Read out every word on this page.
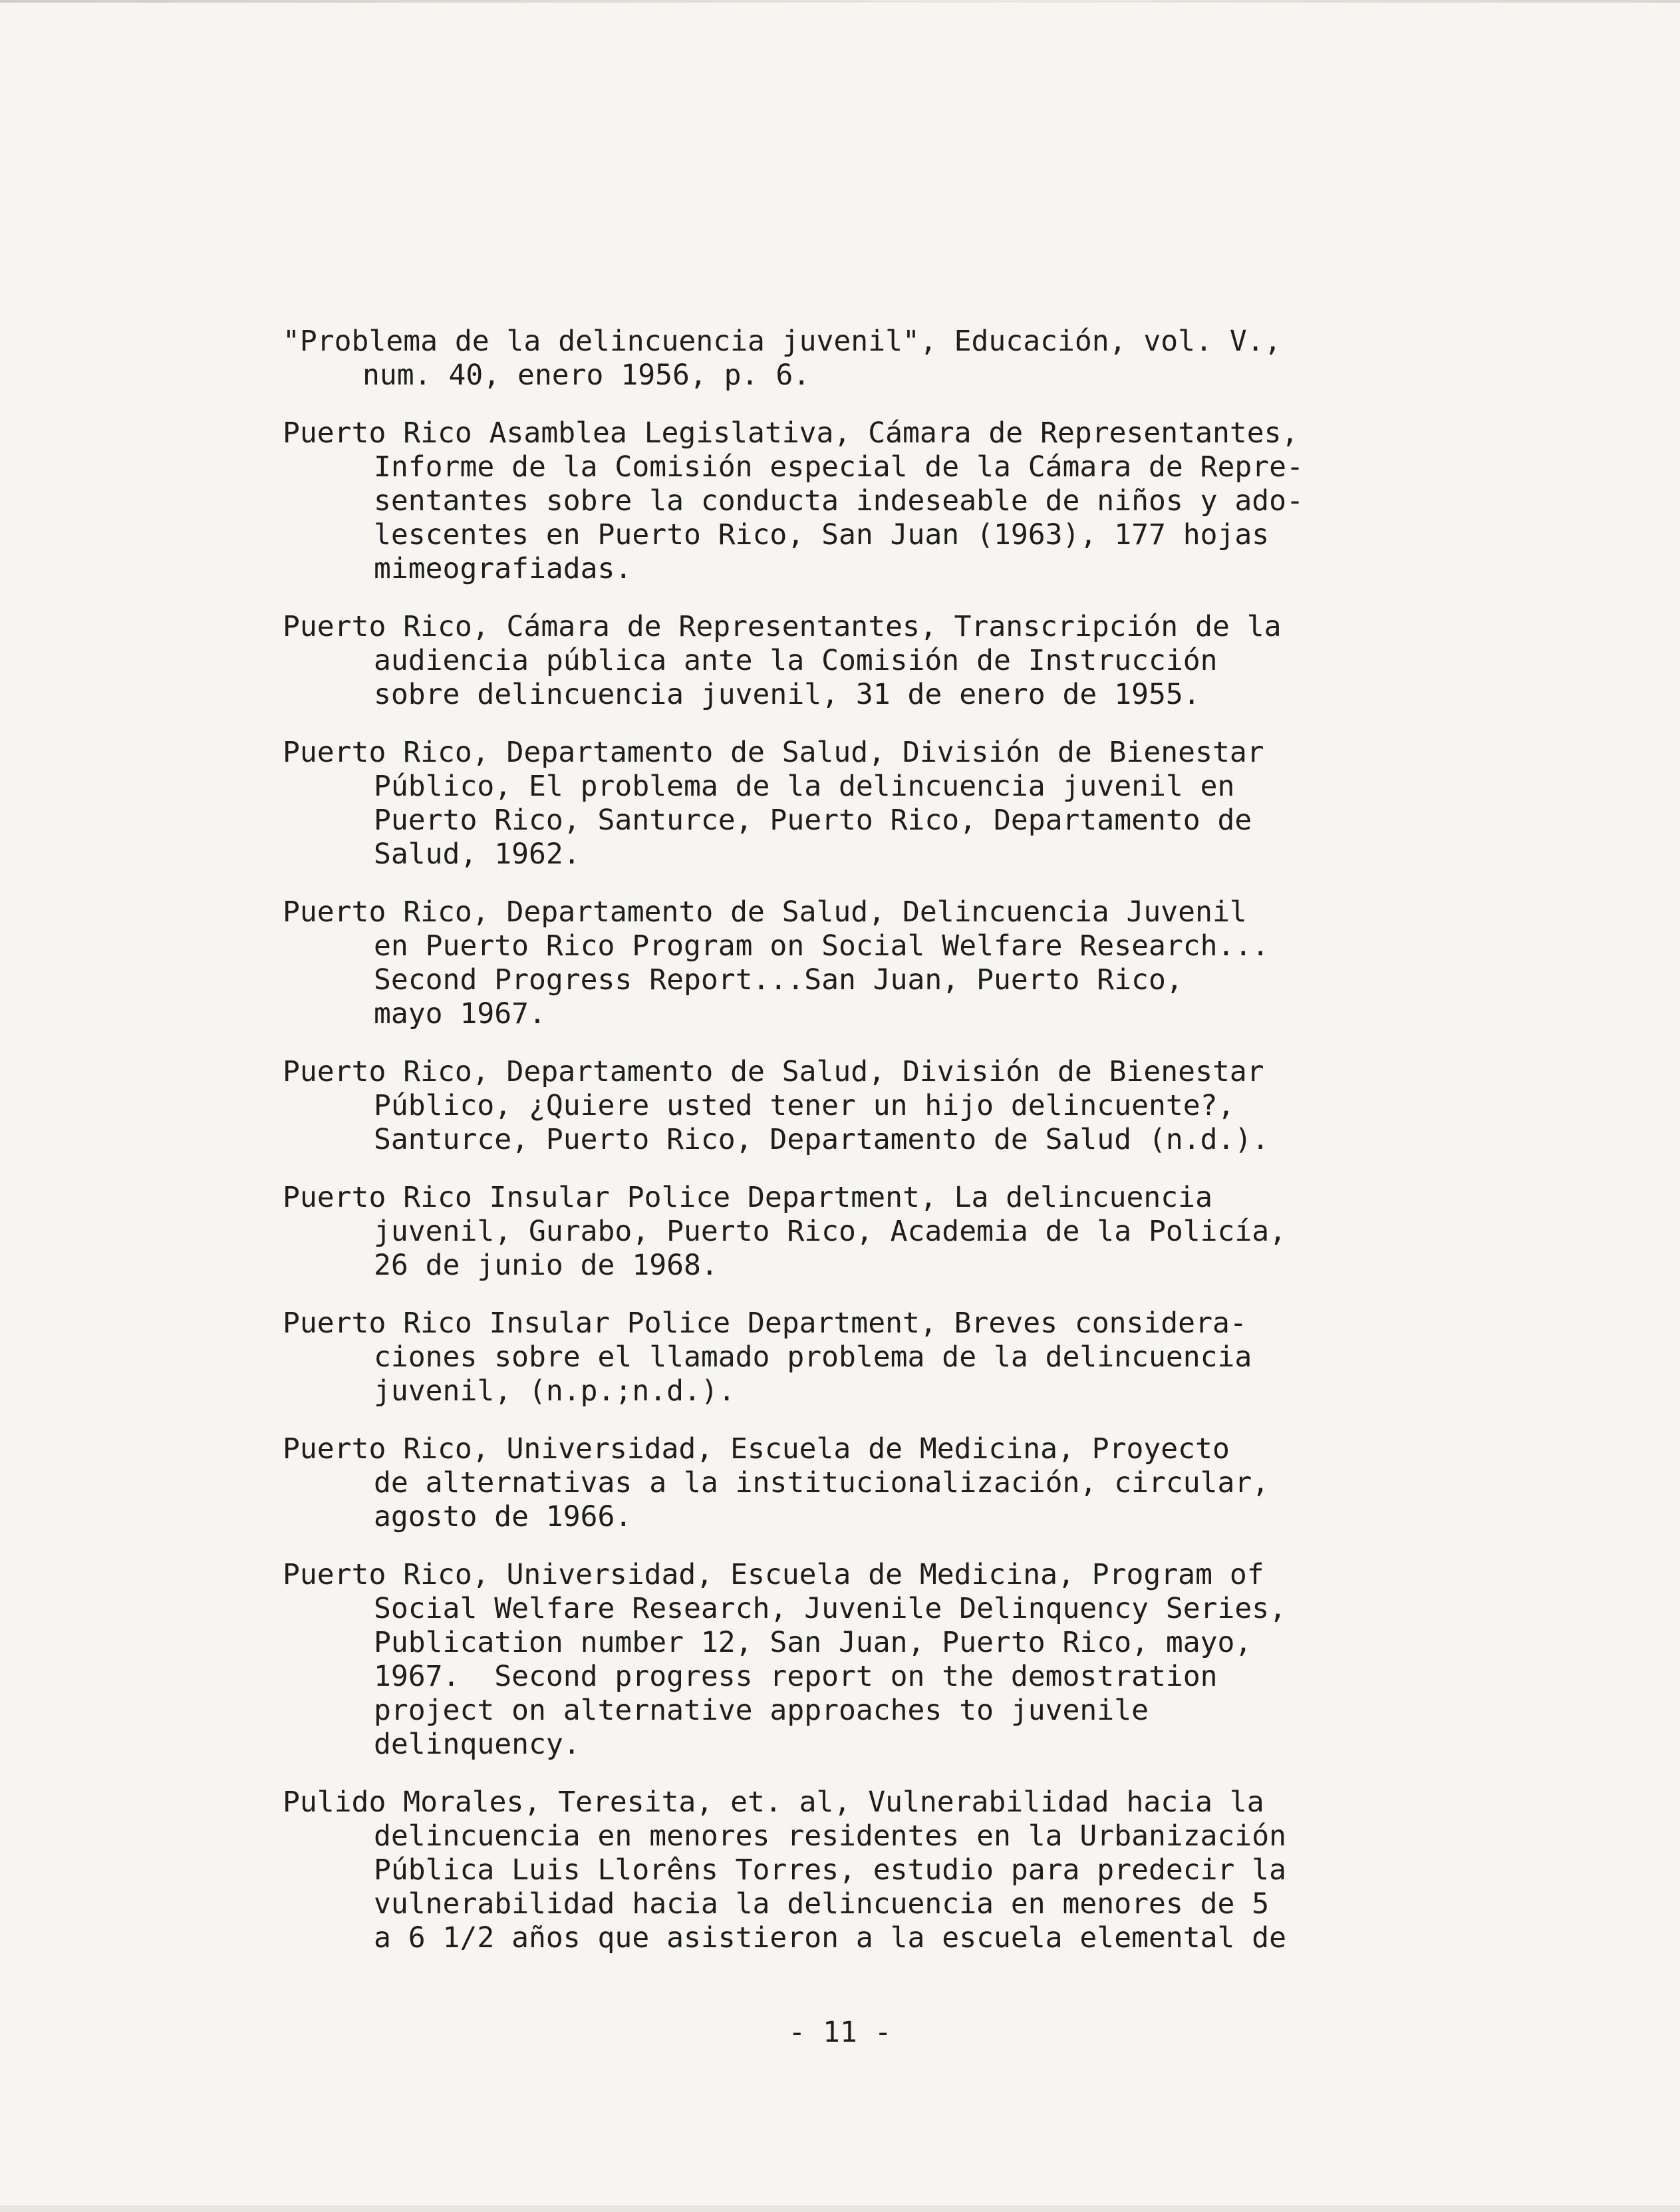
"Problema de la delincuencia juvenil", Educación, vol. V.,
num. 40, enero 1956, p. 6.

Puerto Rico Asamblea Legislativa, Cámara de Representantes,
Informe de la Comisión especial de la Cámara de Repre-
sentantes sobre la conducta indeseable de niños y ado-
lescentes en Puerto Rico, San Juan (1963), 177 hojas
mimeografiadas.

Puerto Rico, Cámara de Representantes, Transcripción de la
audiencia pública ante la Comisión de Instrucción
sobre delincuencia juvenil, 31 de enero de 1955.

Puerto Rico, Departamento de Salud, División de Bienestar
Público, El problema de la delincuencia juvenil en
Puerto Rico, Santurce, Puerto Rico, Departamento de
Salud, 1962.

Puerto Rico, Departamento de Salud, Delincuencia Juvenil
en Puerto Rico Program on Social Welfare Research...
Second Progress Report...San Juan, Puerto Rico,
mayo 1967.

Puerto Rico, Departamento de Salud, División de Bienestar
Público, ¿Quiere usted tener un hijo delincuente?,
Santurce, Puerto Rico, Departamento de Salud (n.d.).

Puerto Rico Insular Police Department, La delincuencia
juvenil, Gurabo, Puerto Rico, Academia de la Policía,
26 de junio de 1968.

Puerto Rico Insular Police Department, Breves considera-
ciones sobre el llamado problema de la delincuencia
juvenil, (n.p.;n.d.).

Puerto Rico, Universidad, Escuela de Medicina, Proyecto
de alternativas a la institucionalización, circular,
agosto de 1966.

Puerto Rico, Universidad, Escuela de Medicina, Program of
Social Welfare Research, Juvenile Delinquency Series,
Publication number 12, San Juan, Puerto Rico, mayo,
1967.  Second progress report on the demostration
project on alternative approaches to juvenile
delinquency.

Pulido Morales, Teresita, et. al, Vulnerabilidad hacia la
delincuencia en menores residentes en la Urbanización
Pública Luis Llorêns Torres, estudio para predecir la
vulnerabilidad hacia la delincuencia en menores de 5
a 6 1/2 años que asistieron a la escuela elemental de

- 11 -
